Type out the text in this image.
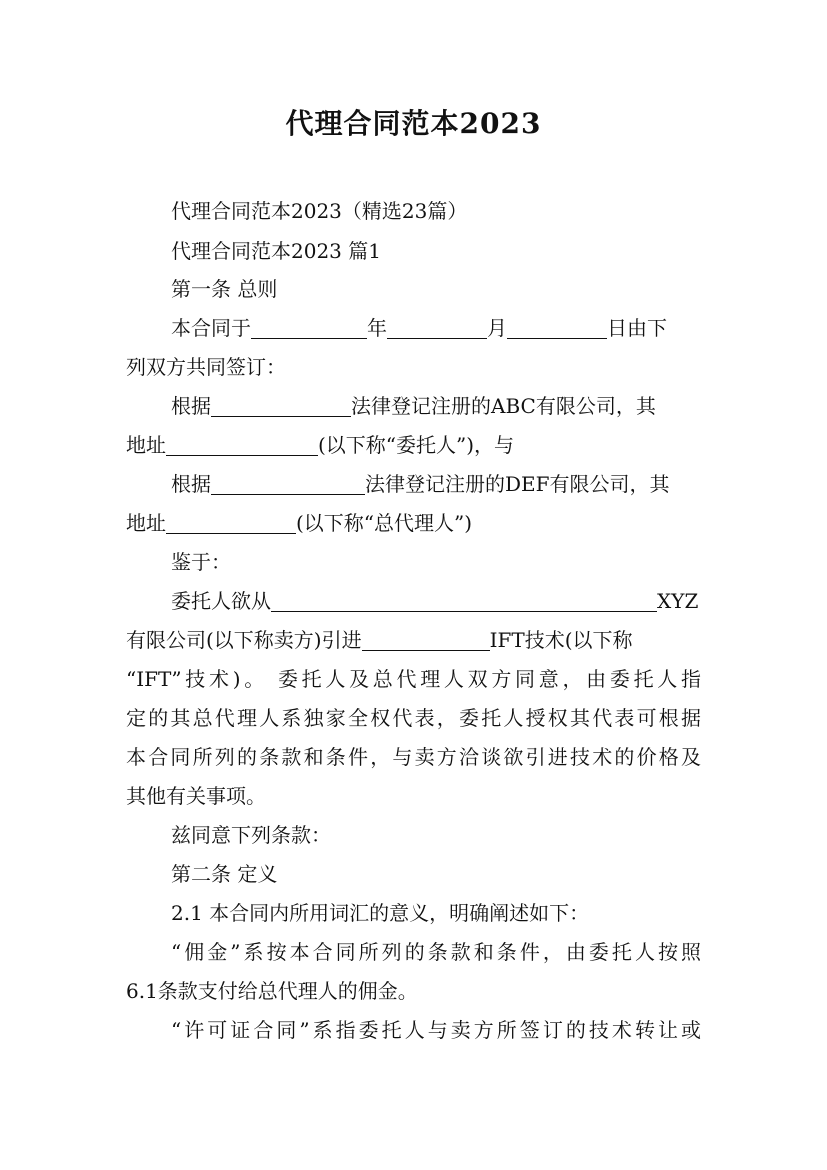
代理合同范本2023
代理合同范本2023（精选23篇）
代理合同范本2023 篇1
第一条 总则
本合同于	年	月	日由下
列双方共同签订：
根据	法律登记注册的ABC有限公司，其
地址	(以下称“委托人”)，与
根据	法律登记注册的DEF有限公司，其
地址	(以下称“总代理人”)
鉴于：
委托人欲从	XYZ
有限公司(以下称卖方)引进	IFT技术(以下称
“IFT”技术)。 委托人及总代理人双方同意，由委托人指
定的其总代理人系独家全权代表，委托人授权其代表可根据
本合同所列的条款和条件，与卖方洽谈欲引进技术的价格及
其他有关事项。
兹同意下列条款：
第二条 定义
2.1 本合同内所用词汇的意义，明确阐述如下：
“佣金”系按本合同所列的条款和条件，由委托人按照
6.1条款支付给总代理人的佣金。
“许可证合同”系指委托人与卖方所签订的技术转让或
